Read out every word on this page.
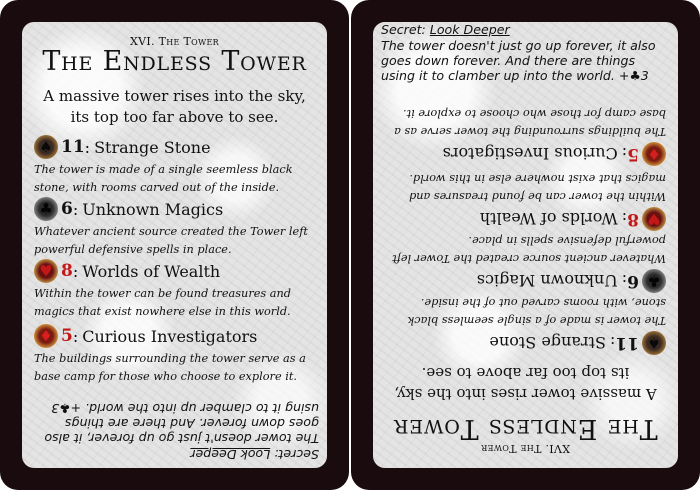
XVI. The Tower
The Endless Tower
A massive tower rises into the sky, its top too far above to see.
♠ 11 : Strange Stone
The tower is made of a single seemless black stone, with rooms carved out of the inside.
♣ 6 : Unknown Magics
Whatever ancient source created the Tower left powerful defensive spells in place.
♥ 8 : Worlds of Wealth
Within the tower can be found treasures and magics that exist nowhere else in this world.
♦ 5 : Curious Investigators
The buildings surrounding the tower serve as a base camp for those who choose to explore it.
Secret: Look Deeper
The tower doesn't just go up forever, it also goes down forever. And there are things using it to clamber up into the world. +♣3
Secret: Look Deeper
The tower doesn't just go up forever, it also goes down forever. And there are things using it to clamber up into the world. +♣3
XVI. The Tower
The Endless Tower
A massive tower rises into the sky, its top too far above to see.
♠
11
:
Strange Stone
The tower is made of a single seemless black stone, with rooms carved out of the inside.
♣
6
:
Unknown Magics
Whatever ancient source created the Tower left powerful defensive spells in place.
♥
8
:
Worlds of Wealth
Within the tower can be found treasures and magics that exist nowhere else in this world.
♦
5
:
Curious Investigators
The buildings surrounding the tower serve as a base camp for those who choose to explore it.
